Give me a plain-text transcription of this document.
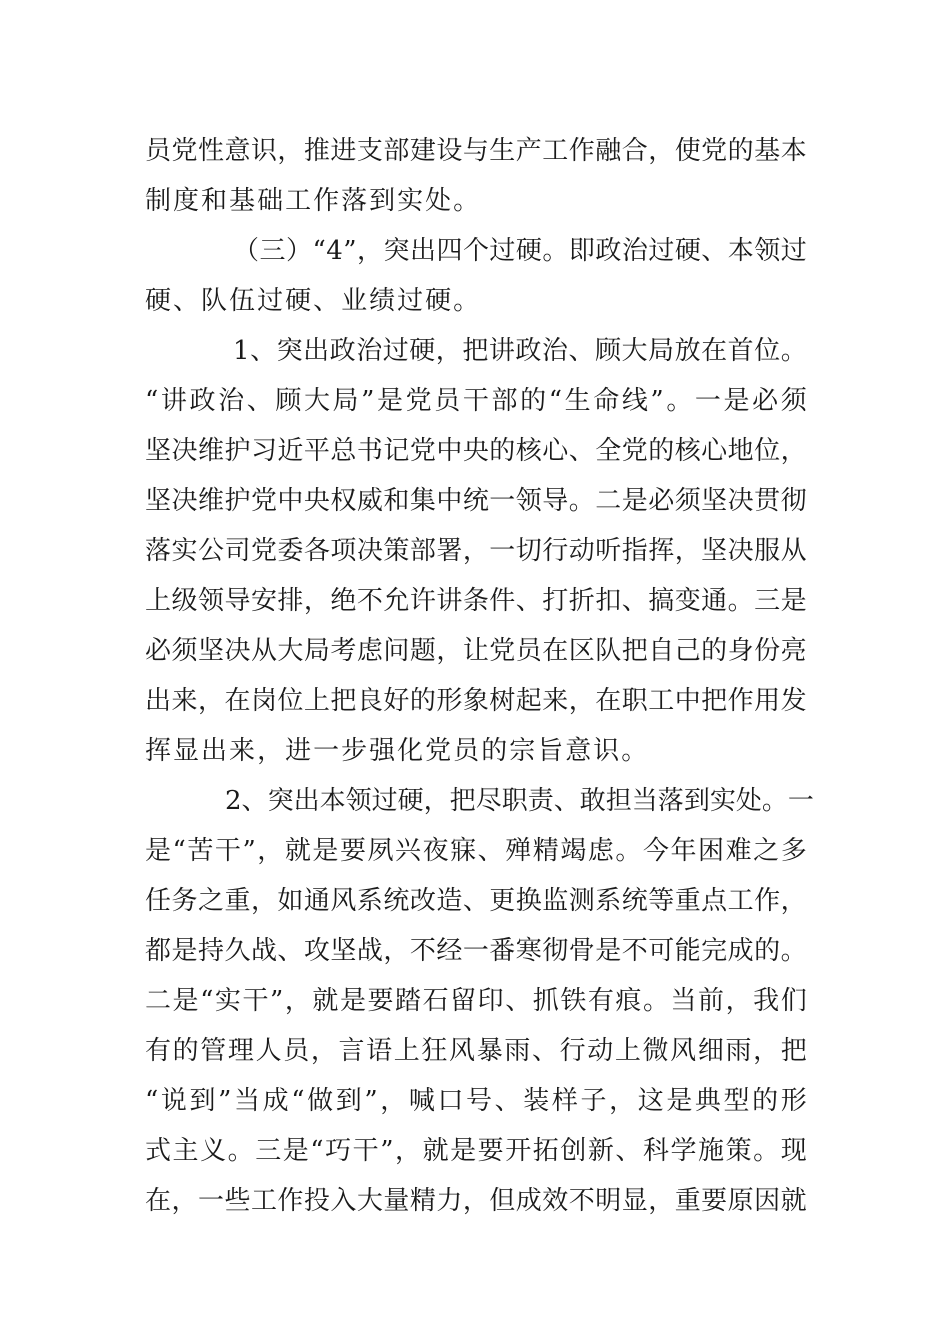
员 党 性 意 识 ， 推 进 支 部 建 设 与 生 产 工 作 融 合 ， 使 党 的 基 本
制 度 和 基 础 工 作 落 到 实 处 。
（ 三 ） “ 4 ” ， 突 出 四 个 过 硬 。 即 政 治 过 硬 、 本 领 过
硬 、 队 伍 过 硬 、 业 绩 过 硬 。
1 、 突 出 政 治 过 硬 ， 把 讲 政 治 、 顾 大 局 放 在 首 位 。
“ 讲 政 治 、 顾 大 局 ” 是 党 员 干 部 的 “ 生 命 线 ” 。 一 是 必 须
坚 决 维 护 习 近 平 总 书 记 党 中 央 的 核 心 、 全 党 的 核 心 地 位 ，
坚 决 维 护 党 中 央 权 威 和 集 中 统 一 领 导 。 二 是 必 须 坚 决 贯 彻
落 实 公 司 党 委 各 项 决 策 部 署 ， 一 切 行 动 听 指 挥 ， 坚 决 服 从
上 级 领 导 安 排 ， 绝 不 允 许 讲 条 件 、 打 折 扣 、 搞 变 通 。 三 是
必 须 坚 决 从 大 局 考 虑 问 题 ， 让 党 员 在 区 队 把 自 己 的 身 份 亮
出 来 ， 在 岗 位 上 把 良 好 的 形 象 树 起 来 ， 在 职 工 中 把 作 用 发
挥 显 出 来 ， 进 一 步 强 化 党 员 的 宗 旨 意 识 。
2 、 突 出 本 领 过 硬 ， 把 尽 职 责 、 敢 担 当 落 到 实 处 。 一
是 “ 苦 干 ” ， 就 是 要 夙 兴 夜 寐 、 殚 精 竭 虑 。 今 年 困 难 之 多
任 务 之 重 ， 如 通 风 系 统 改 造 、 更 换 监 测 系 统 等 重 点 工 作 ，
都 是 持 久 战 、 攻 坚 战 ， 不 经 一 番 寒 彻 骨 是 不 可 能 完 成 的 。
二 是 “ 实 干 ” ， 就 是 要 踏 石 留 印 、 抓 铁 有 痕 。 当 前 ， 我 们
有 的 管 理 人 员 ， 言 语 上 狂 风 暴 雨 、 行 动 上 微 风 细 雨 ， 把
“ 说 到 ” 当 成 “ 做 到 ” ， 喊 口 号 、 装 样 子 ， 这 是 典 型 的 形
式 主 义 。 三 是 “ 巧 干 ” ， 就 是 要 开 拓 创 新 、 科 学 施 策 。 现
在 ， 一 些 工 作 投 入 大 量 精 力 ， 但 成 效 不 明 显 ， 重 要 原 因 就
